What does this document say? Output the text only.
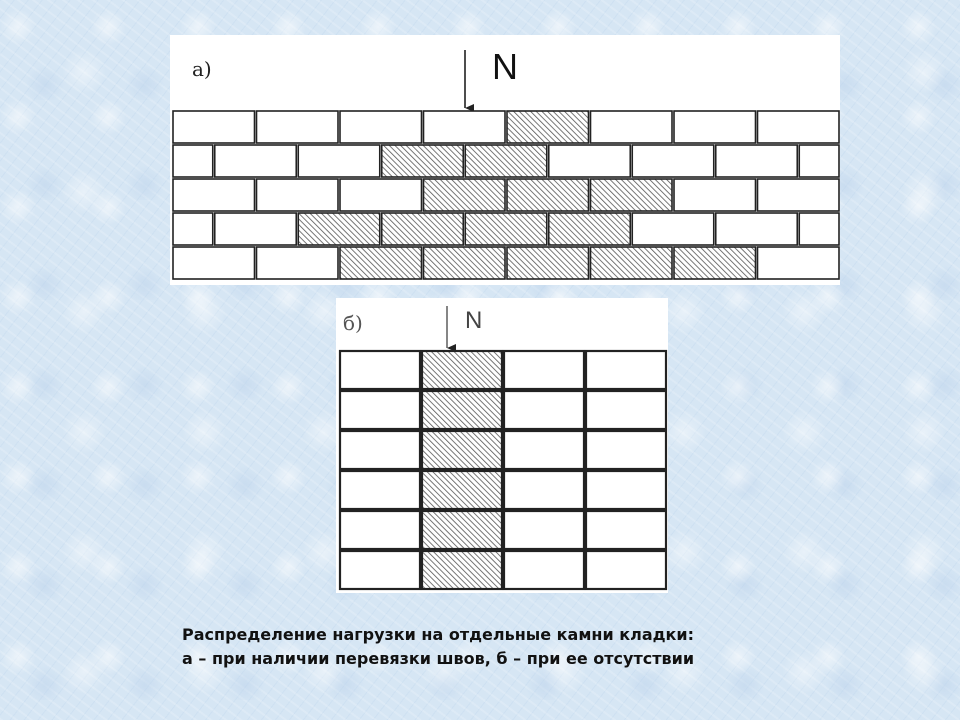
а)	N
б)	N
Распределение нагрузки на отдельные камни кладки:
а – при наличии перевязки швов, б – при ее отсутствии
